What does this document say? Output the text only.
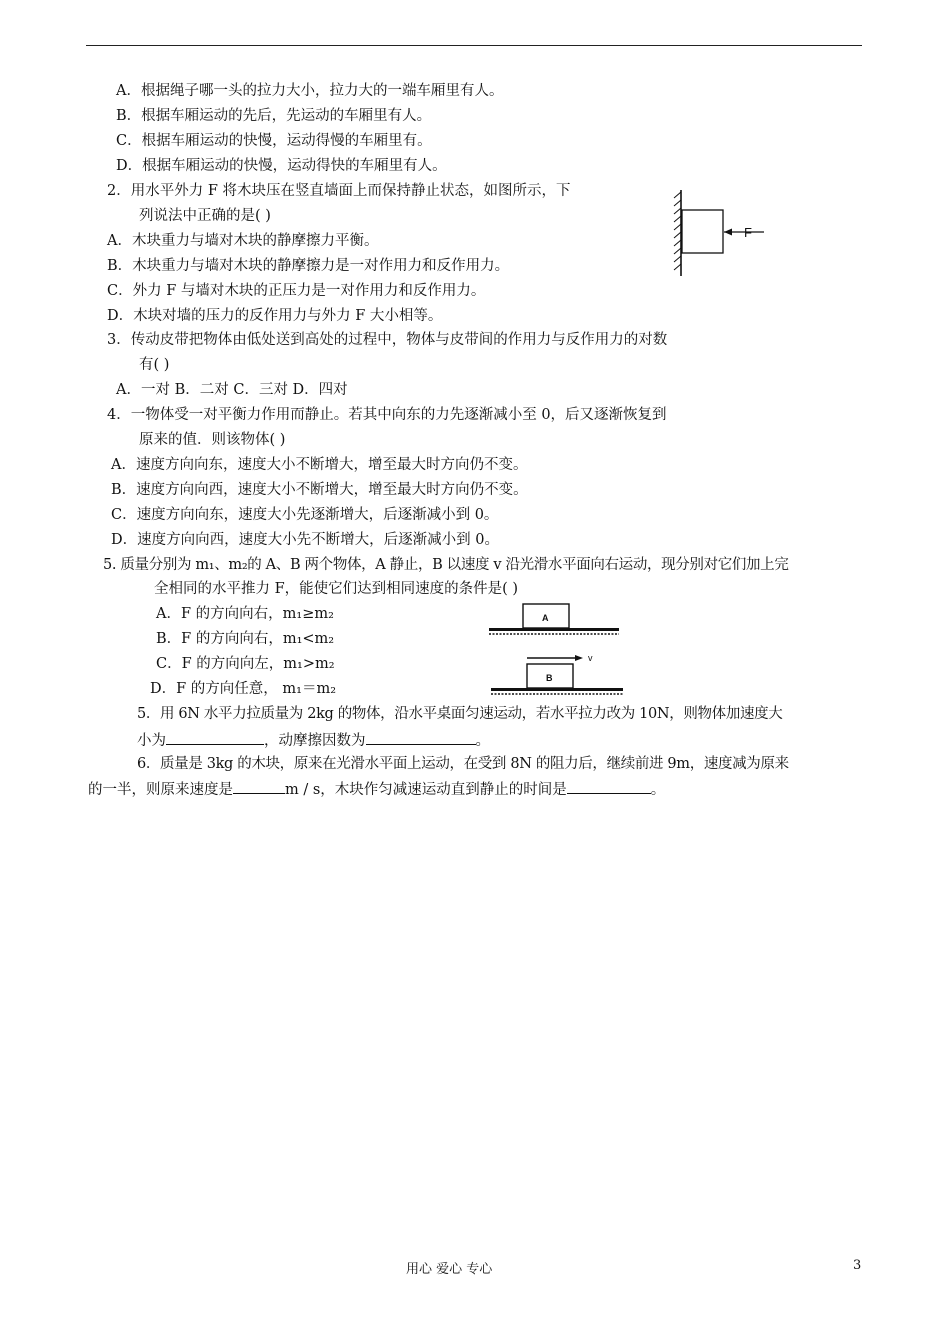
A．根据绳子哪一头的拉力大小，拉力大的一端车厢里有人。
B．根据车厢运动的先后，先运动的车厢里有人。
C．根据车厢运动的快慢，运动得慢的车厢里有。
D．根据车厢运动的快慢，运动得快的车厢里有人。
2．用水平外力 F 将木块压在竖直墙面上而保持静止状态，如图所示，下
列说法中正确的是( )
A．木块重力与墙对木块的静摩擦力平衡。
B．木块重力与墙对木块的静摩擦力是一对作用力和反作用力。
C．外力 F 与墙对木块的正压力是一对作用力和反作用力。
D．木块对墙的压力的反作用力与外力 F 大小相等。
F
3．传动皮带把物体由低处送到高处的过程中，物体与皮带间的作用力与反作用力的对数
有( )
A．一对 B．二对 C．三对 D．四对
4．一物体受一对平衡力作用而静止。若其中向东的力先逐渐减小至 0，后又逐渐恢复到
原来的值．则该物体( )
A．速度方向向东，速度大小不断增大，增至最大时方向仍不变。
B．速度方向向西，速度大小不断增大，增至最大时方向仍不变。
C．速度方向向东，速度大小先逐渐增大，后逐渐减小到 0。
D．速度方向向西，速度大小先不断增大，后逐渐减小到 0。
5. 质量分别为 m₁、m₂的 A、B 两个物体，A 静止，B 以速度 v 沿光滑水平面向右运动，现分别对它们加上完
全相同的水平推力 F，能使它们达到相同速度的条件是( )
A．F 的方向向右，m₁≥m₂
B．F 的方向向右，m₁<m₂
C．F 的方向向左，m₁>m₂
D．F 的方向任意， m₁＝m₂
A
v
B
5．用 6N 水平力拉质量为 2kg 的物体，沿水平桌面匀速运动，若水平拉力改为 10N，则物体加速度大
小为	，动摩擦因数为	。
6．质量是 3kg 的木块，原来在光滑水平面上运动，在受到 8N 的阻力后，继续前进 9m，速度减为原来
的一半，则原来速度是	m / s，木块作匀减速运动直到静止的时间是	。
用心 爱心 专心	3
